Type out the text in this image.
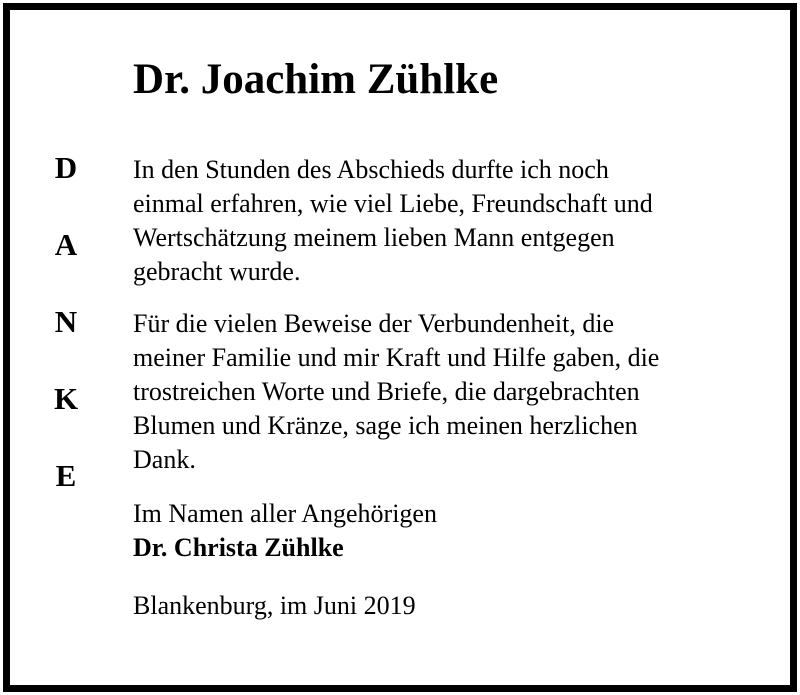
Dr. Joachim Zühlke
D
A
N
K
E

In den Stunden des Abschieds durfte ich noch

einmal erfahren, wie viel Liebe, Freundschaft und

Wertschätzung meinem lieben Mann entgegen

gebracht wurde.

Für die vielen Beweise der Verbundenheit, die

meiner Familie und mir Kraft und Hilfe gaben, die

trostreichen Worte und Briefe, die dargebrachten

Blumen und Kränze, sage ich meinen herzlichen

Dank.

Im Namen aller Angehörigen

Dr. Christa Zühlke

Blankenburg, im Juni 2019
